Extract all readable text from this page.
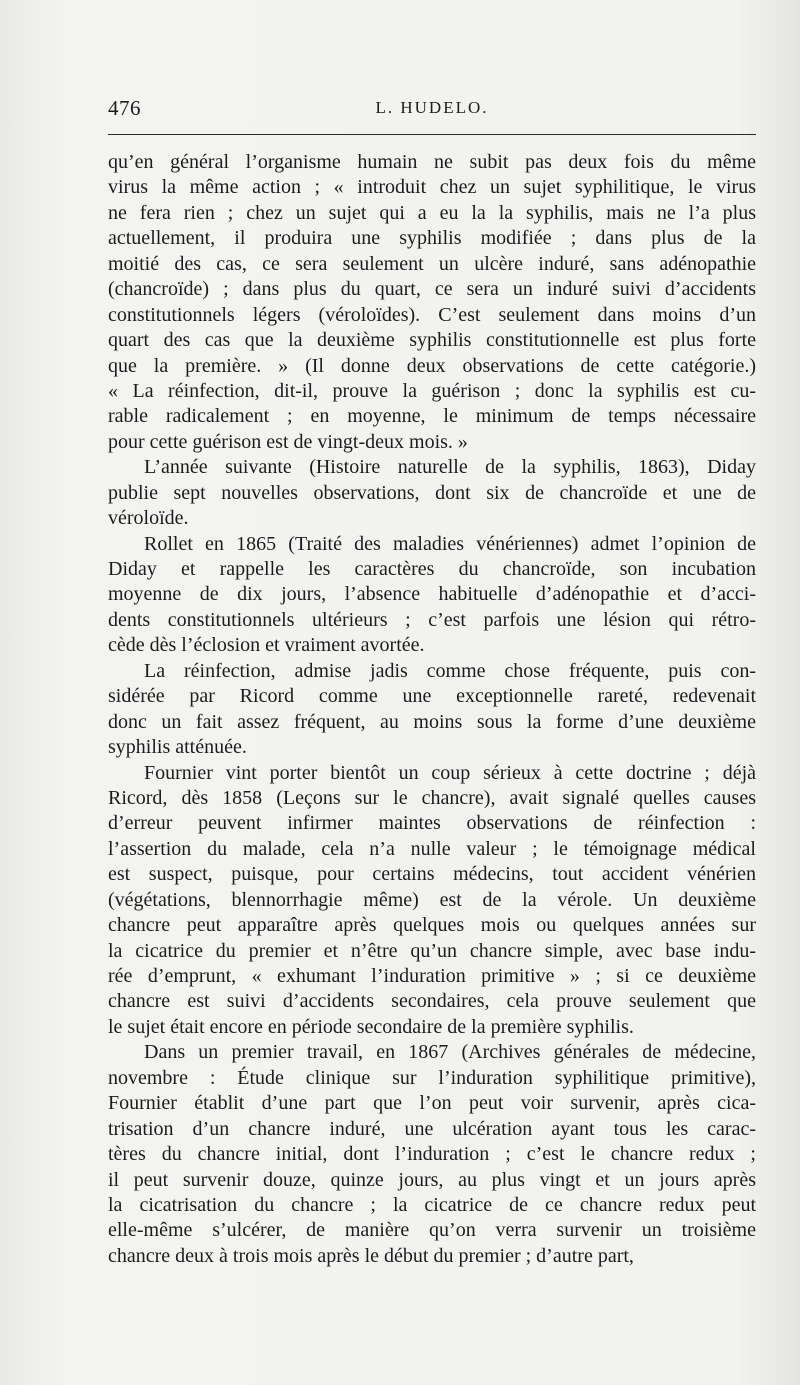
476	L. HUDELO.
qu’en général l’organisme humain ne subit pas deux fois du même
virus la même action ; « introduit chez un sujet syphilitique, le virus
ne fera rien ; chez un sujet qui a eu la la syphilis, mais ne l’a plus
actuellement, il produira une syphilis modifiée ; dans plus de la
moitié des cas, ce sera seulement un ulcère induré, sans adénopathie
(chancroïde) ; dans plus du quart, ce sera un induré suivi d’accidents
constitutionnels légers (véroloïdes). C’est seulement dans moins d’un
quart des cas que la deuxième syphilis constitutionnelle est plus forte
que la première. » (Il donne deux observations de cette catégorie.)
« La réinfection, dit-il, prouve la guérison ; donc la syphilis est cu-
rable radicalement ; en moyenne, le minimum de temps nécessaire
pour cette guérison est de vingt-deux mois. »
L’année suivante (Histoire naturelle de la syphilis, 1863), Diday
publie sept nouvelles observations, dont six de chancroïde et une de
véroloïde.
Rollet en 1865 (Traité des maladies vénériennes) admet l’opinion de
Diday et rappelle les caractères du chancroïde, son incubation
moyenne de dix jours, l’absence habituelle d’adénopathie et d’acci-
dents constitutionnels ultérieurs ; c’est parfois une lésion qui rétro-
cède dès l’éclosion et vraiment avortée.
La réinfection, admise jadis comme chose fréquente, puis con-
sidérée par Ricord comme une exceptionnelle rareté, redevenait
donc un fait assez fréquent, au moins sous la forme d’une deuxième
syphilis atténuée.
Fournier vint porter bientôt un coup sérieux à cette doctrine ; déjà
Ricord, dès 1858 (Leçons sur le chancre), avait signalé quelles causes
d’erreur peuvent infirmer maintes observations de réinfection :
l’assertion du malade, cela n’a nulle valeur ; le témoignage médical
est suspect, puisque, pour certains médecins, tout accident vénérien
(végétations, blennorrhagie même) est de la vérole. Un deuxième
chancre peut apparaître après quelques mois ou quelques années sur
la cicatrice du premier et n’être qu’un chancre simple, avec base indu-
rée d’emprunt, « exhumant l’induration primitive » ; si ce deuxième
chancre est suivi d’accidents secondaires, cela prouve seulement que
le sujet était encore en période secondaire de la première syphilis.
Dans un premier travail, en 1867 (Archives générales de médecine,
novembre : Étude clinique sur l’induration syphilitique primitive),
Fournier établit d’une part que l’on peut voir survenir, après cica-
trisation d’un chancre induré, une ulcération ayant tous les carac-
tères du chancre initial, dont l’induration ; c’est le chancre redux ;
il peut survenir douze, quinze jours, au plus vingt et un jours après
la cicatrisation du chancre ; la cicatrice de ce chancre redux peut
elle-même s’ulcérer, de manière qu’on verra survenir un troisième
chancre deux à trois mois après le début du premier ; d’autre part,
